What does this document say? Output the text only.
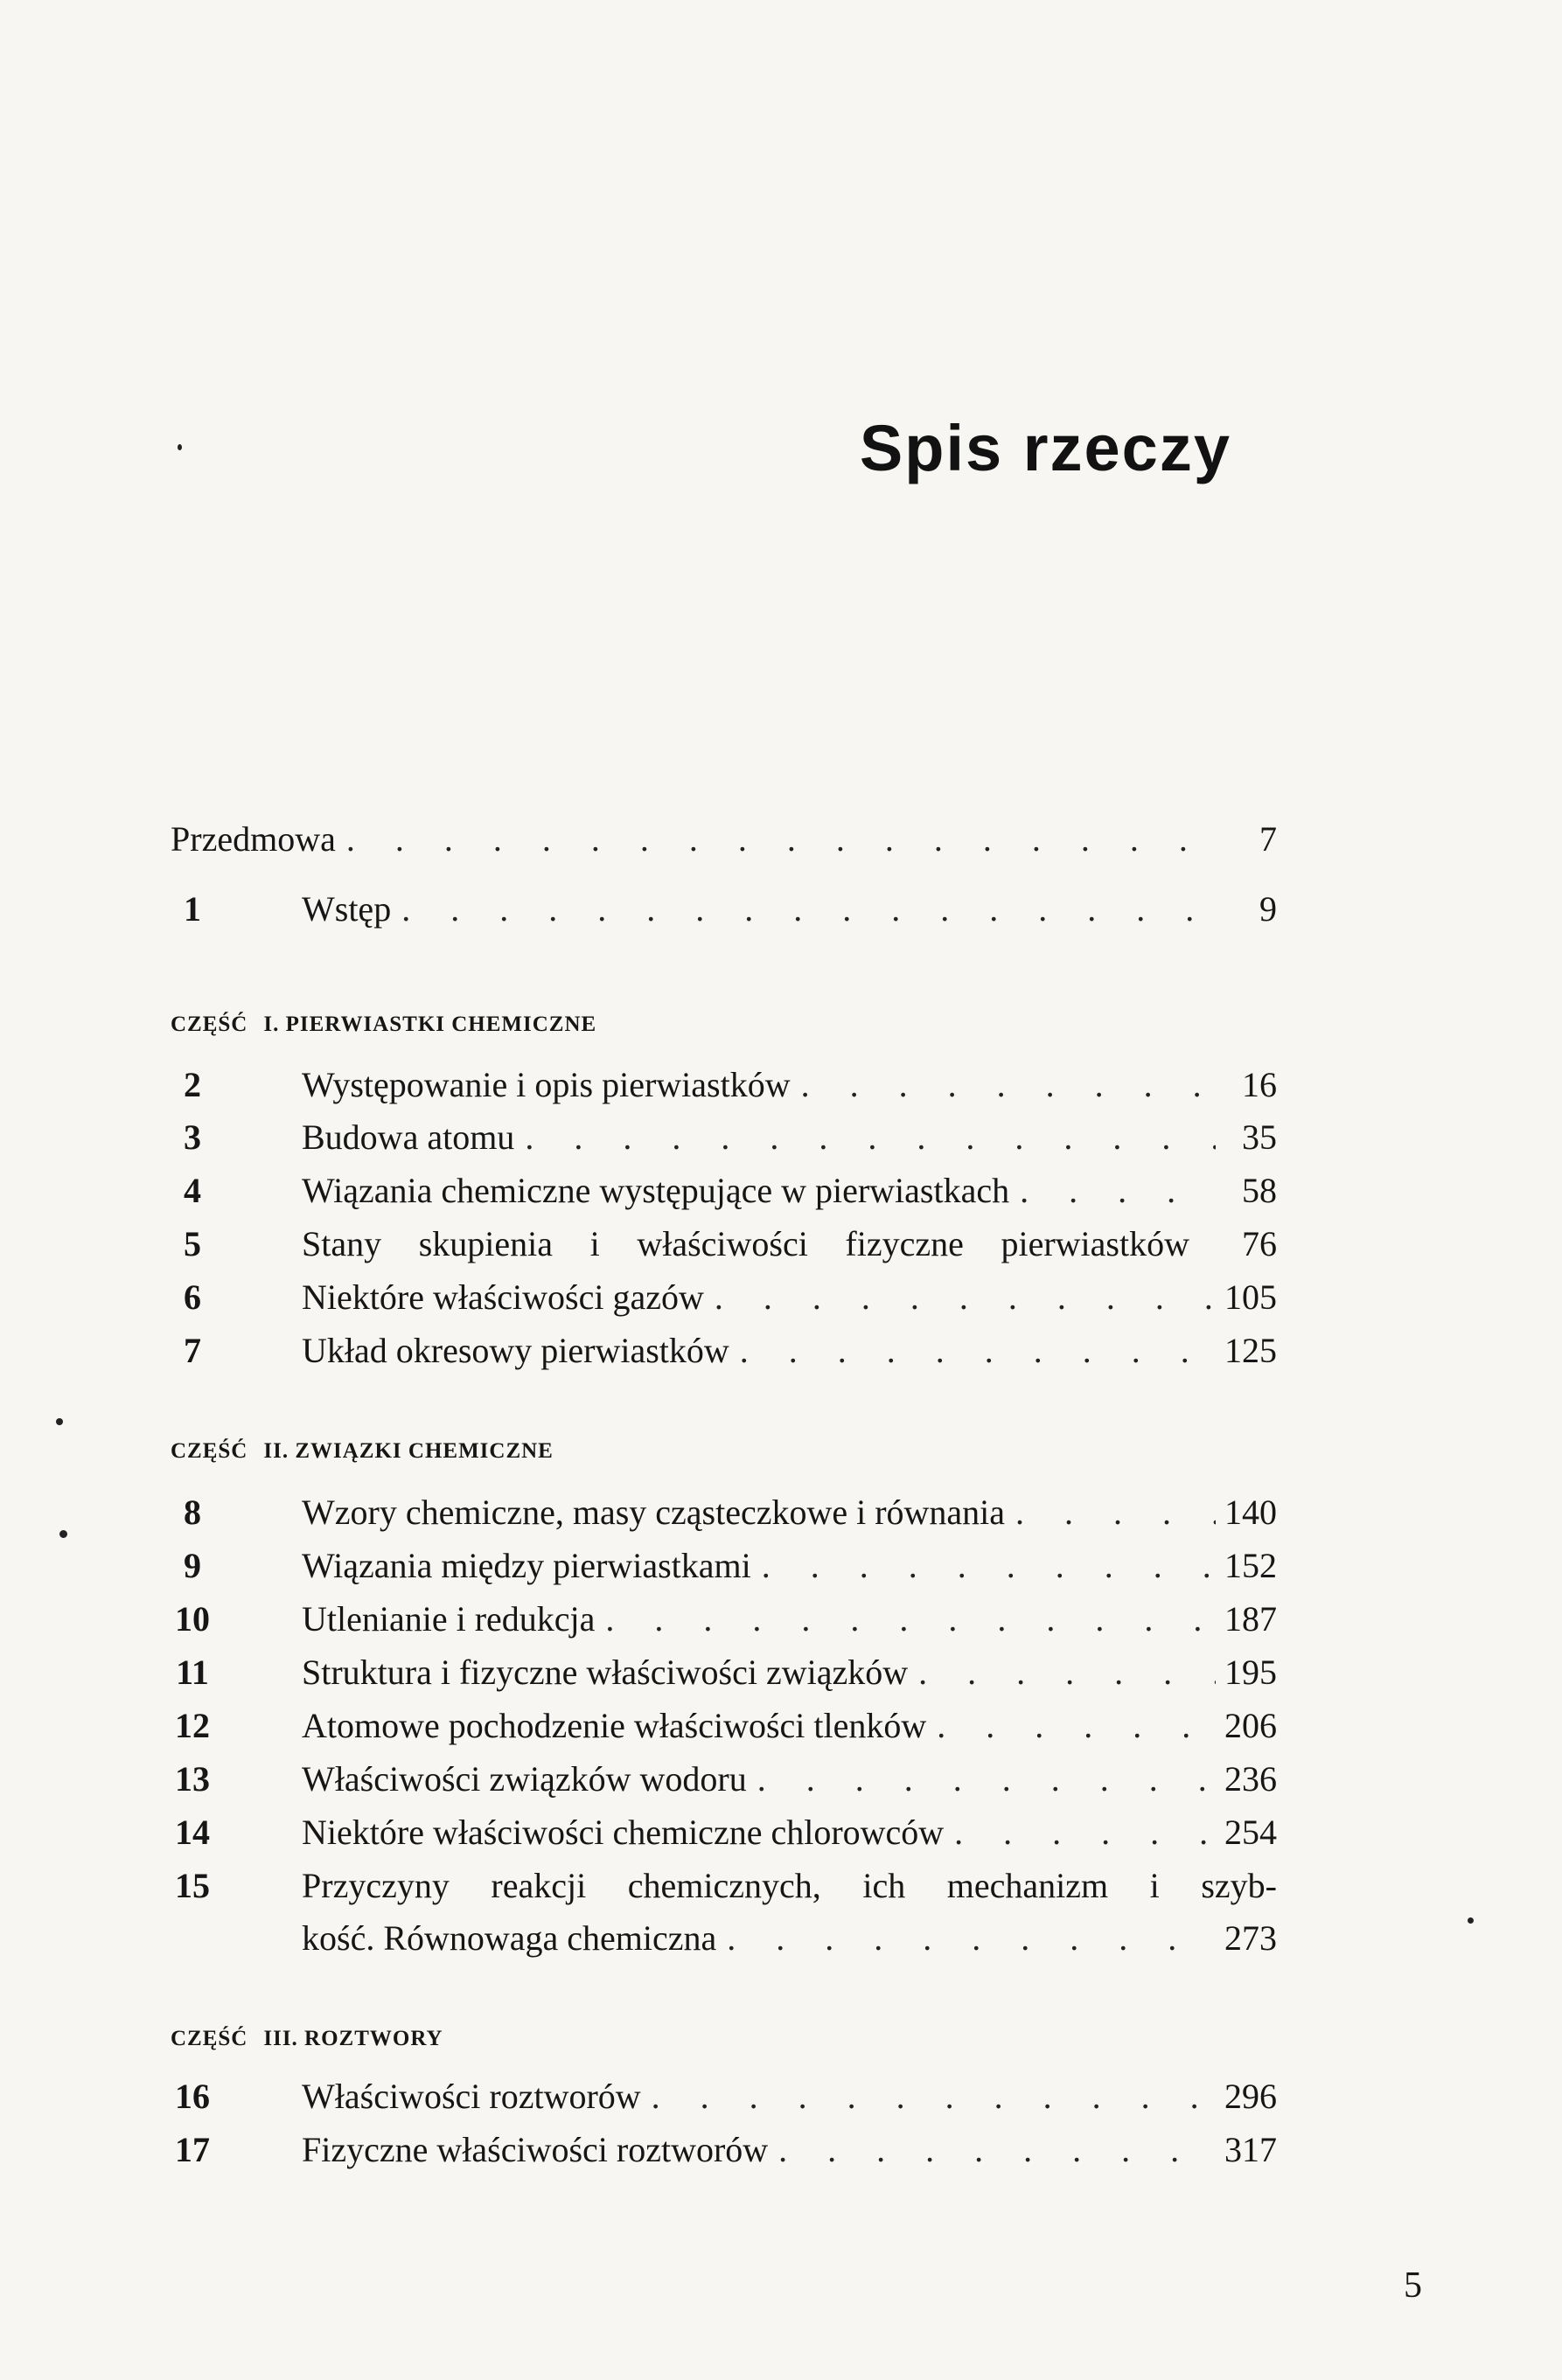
Spis rzeczy
Przedmowa . . .	7
1	Wstęp . . .	9
CZĘŚĆ I. PIERWIASTKI CHEMICZNE
2	Występowanie i opis pierwiastków . . .	16
3	Budowa atomu . . .	35
4	Wiązania chemiczne występujące w pierwiastkach . . .	58
5	Stany skupienia i właściwości fizyczne pierwiastków	76
6	Niektóre właściwości gazów . . .	105
7	Układ okresowy pierwiastków . . .	125
CZĘŚĆ II. ZWIĄZKI CHEMICZNE
8	Wzory chemiczne, masy cząsteczkowe i równania . . .	140
9	Wiązania między pierwiastkami . . .	152
10	Utlenianie i redukcja . . .	187
11	Struktura i fizyczne właściwości związków . . .	195
12	Atomowe pochodzenie właściwości tlenków . . .	206
13	Właściwości związków wodoru . . .	236
14	Niektóre właściwości chemiczne chlorowców . . .	254
15	Przyczyny reakcji chemicznych, ich mechanizm i szyb-
kość. Równowaga chemiczna . . .	273
CZĘŚĆ III. ROZTWORY
16	Właściwości roztworów . . .	296
17	Fizyczne właściwości roztworów . . .	317
5
